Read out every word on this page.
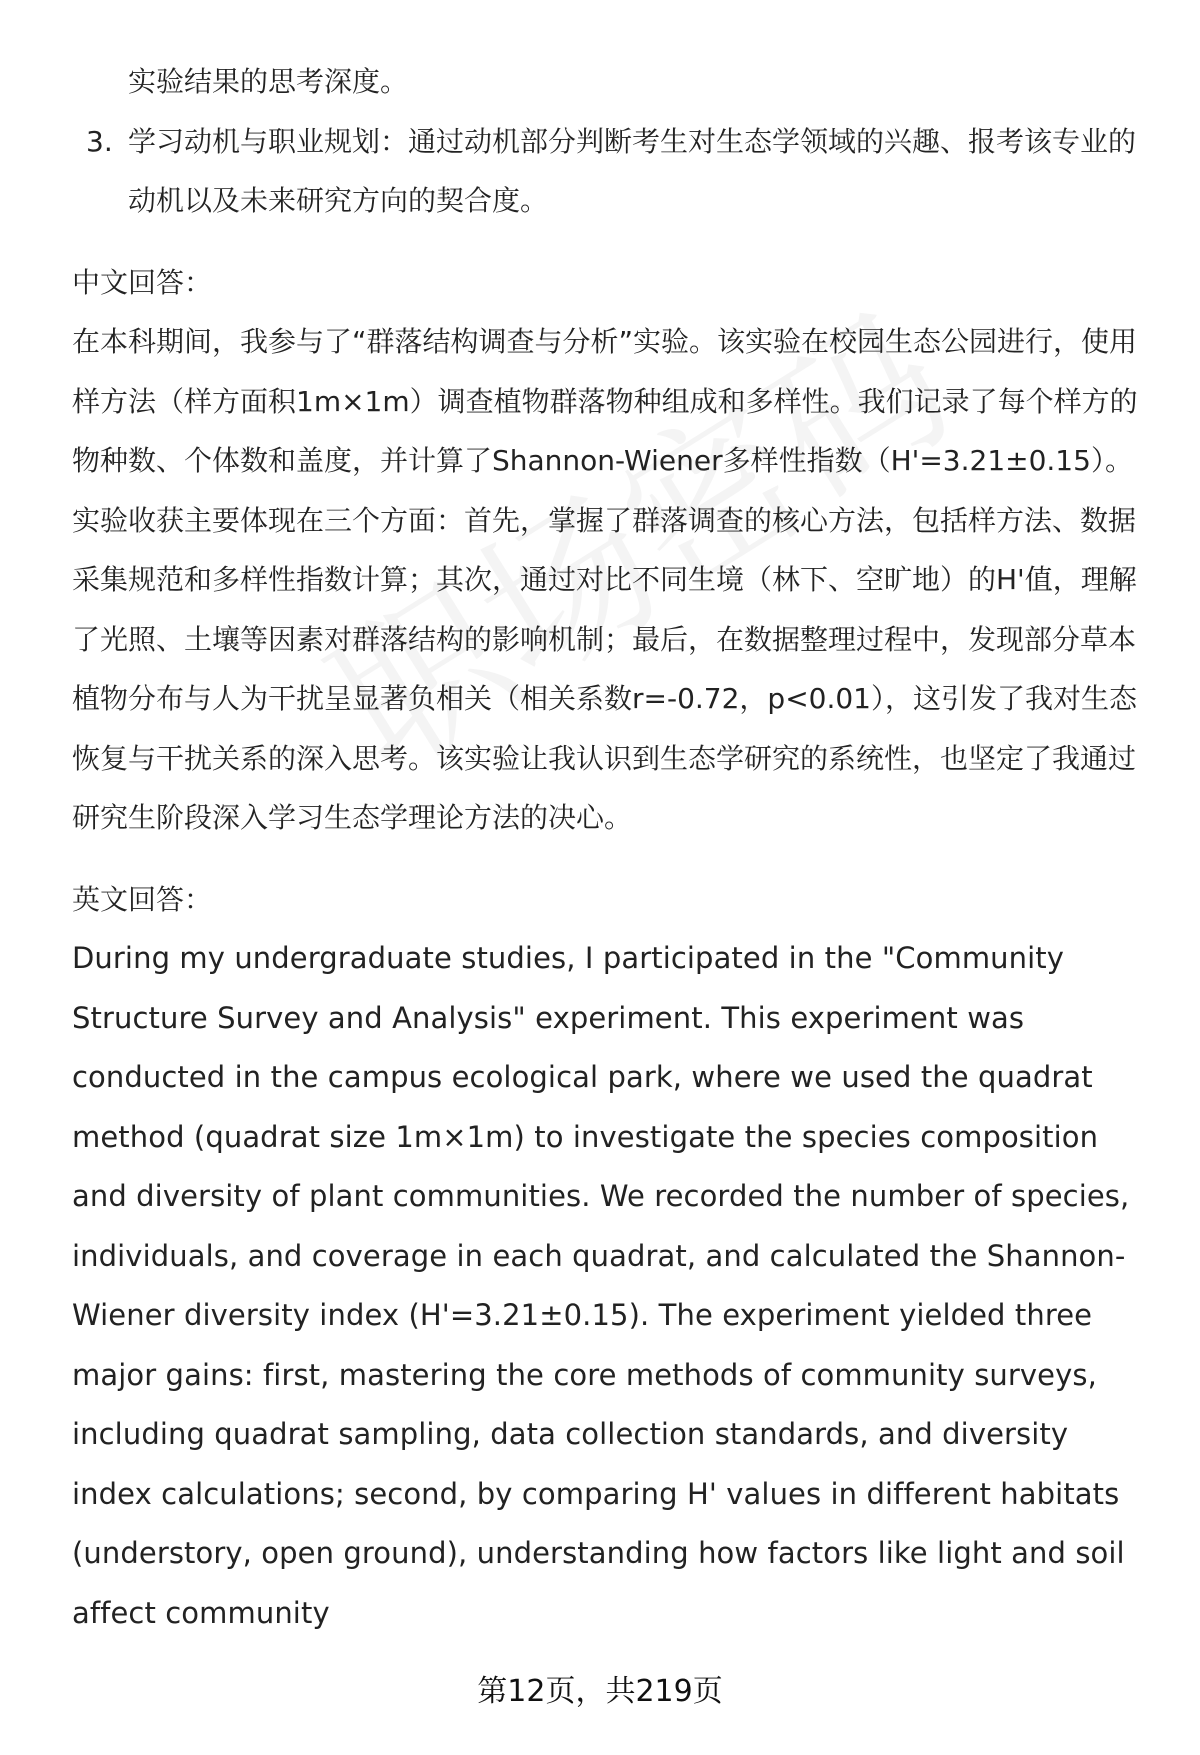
实验结果的思考深度。

3. 学习动机与职业规划：通过动机部分判断考生对生态学领域的兴趣、报考该专业的动机以及未来研究方向的契合度。

中文回答：

在本科期间，我参与了“群落结构调查与分析”实验。该实验在校园生态公园进行，使用样方法（样方面积1m×1m）调查植物群落物种组成和多样性。我们记录了每个样方的物种数、个体数和盖度，并计算了Shannon-Wiener多样性指数（H'=3.21±0.15）。实验收获主要体现在三个方面：首先，掌握了群落调查的核心方法，包括样方法、数据采集规范和多样性指数计算；其次，通过对比不同生境（林下、空旷地）的H'值，理解了光照、土壤等因素对群落结构的影响机制；最后，在数据整理过程中，发现部分草本植物分布与人为干扰呈显著负相关（相关系数r=-0.72，p<0.01），这引发了我对生态恢复与干扰关系的深入思考。该实验让我认识到生态学研究的系统性，也坚定了我通过研究生阶段深入学习生态学理论方法的决心。

英文回答：

During my undergraduate studies, I participated in the "Community Structure Survey and Analysis" experiment. This experiment was conducted in the campus ecological park, where we used the quadrat method (quadrat size 1m×1m) to investigate the species composition and diversity of plant communities. We recorded the number of species, individuals, and coverage in each quadrat, and calculated the Shannon-Wiener diversity index (H'=3.21±0.15). The experiment yielded three major gains: first, mastering the core methods of community surveys, including quadrat sampling, data collection standards, and diversity index calculations; second, by comparing H' values in different habitats (understory, open ground), understanding how factors like light and soil affect community

第12页，共219页
